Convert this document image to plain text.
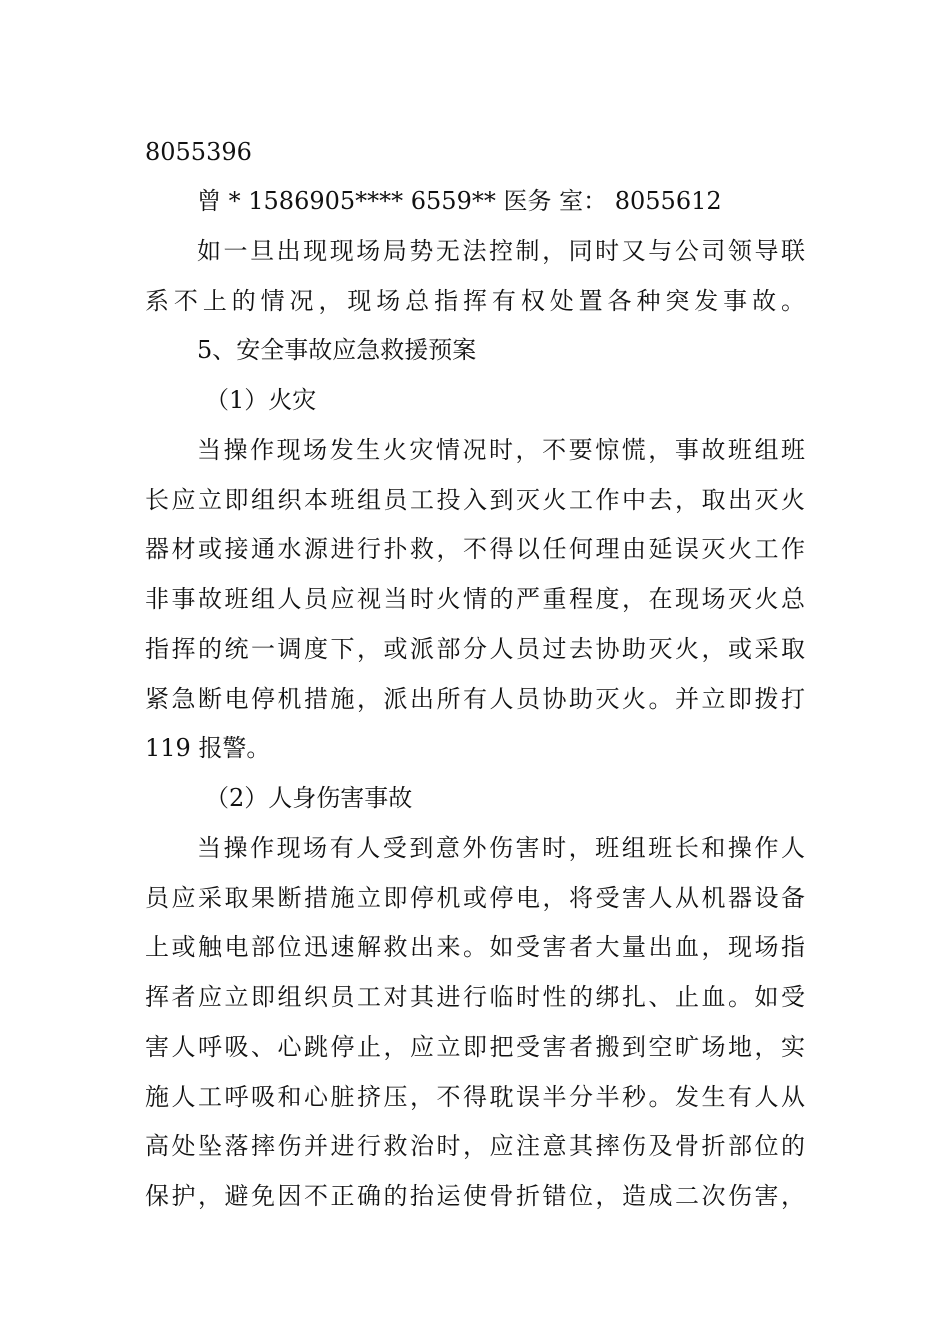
8055396
曾 * 1586905**** 6559** 医务 室： 8055612
如一旦出现现场局势无法控制，同时又与公司领导联
系不上的情况，现场总指挥有权处置各种突发事故。
5、安全事故应急救援预案
（1）火灾
当操作现场发生火灾情况时，不要惊慌，事故班组班
长应立即组织本班组员工投入到灭火工作中去，取出灭火
器材或接通水源进行扑救，不得以任何理由延误灭火工作
非事故班组人员应视当时火情的严重程度，在现场灭火总
指挥的统一调度下，或派部分人员过去协助灭火，或采取
紧急断电停机措施，派出所有人员协助灭火。并立即拨打
119 报警。
（2）人身伤害事故
当操作现场有人受到意外伤害时，班组班长和操作人
员应采取果断措施立即停机或停电，将受害人从机器设备
上或触电部位迅速解救出来。如受害者大量出血，现场指
挥者应立即组织员工对其进行临时性的绑扎、止血。如受
害人呼吸、心跳停止，应立即把受害者搬到空旷场地，实
施人工呼吸和心脏挤压，不得耽误半分半秒。发生有人从
高处坠落摔伤并进行救治时，应注意其摔伤及骨折部位的
保护，避免因不正确的抬运使骨折错位，造成二次伤害，
